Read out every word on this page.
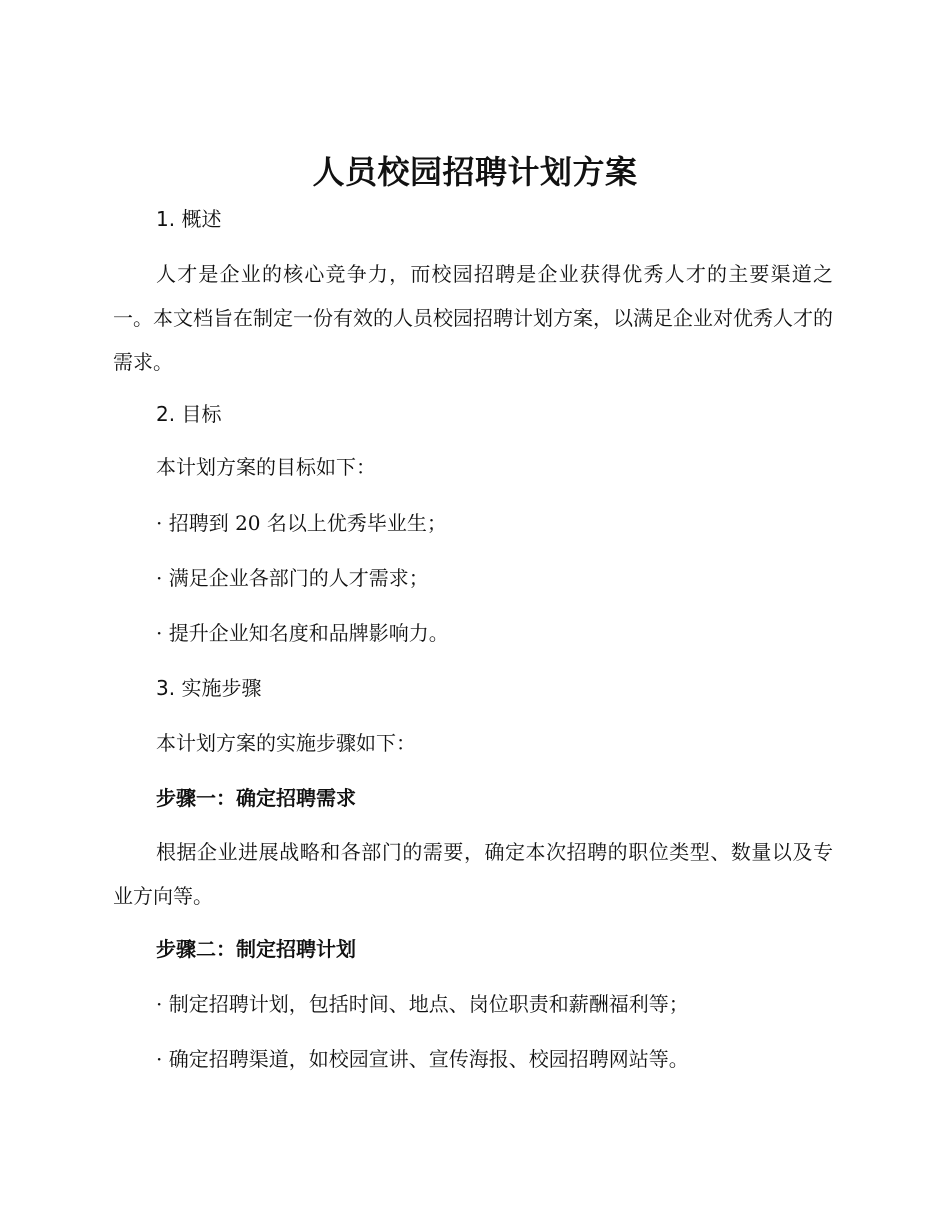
人员校园招聘计划方案
1. 概述

人才是企业的核心竞争力，而校园招聘是企业获得优秀人才的主要渠道之一。本文档旨在制定一份有效的人员校园招聘计划方案，以满足企业对优秀人才的需求。

2. 目标

本计划方案的目标如下：

· 招聘到 20 名以上优秀毕业生；

· 满足企业各部门的人才需求；

· 提升企业知名度和品牌影响力。

3. 实施步骤

本计划方案的实施步骤如下：

步骤一：确定招聘需求

根据企业进展战略和各部门的需要，确定本次招聘的职位类型、数量以及专业方向等。

步骤二：制定招聘计划

· 制定招聘计划，包括时间、地点、岗位职责和薪酬福利等；

· 确定招聘渠道，如校园宣讲、宣传海报、校园招聘网站等。
